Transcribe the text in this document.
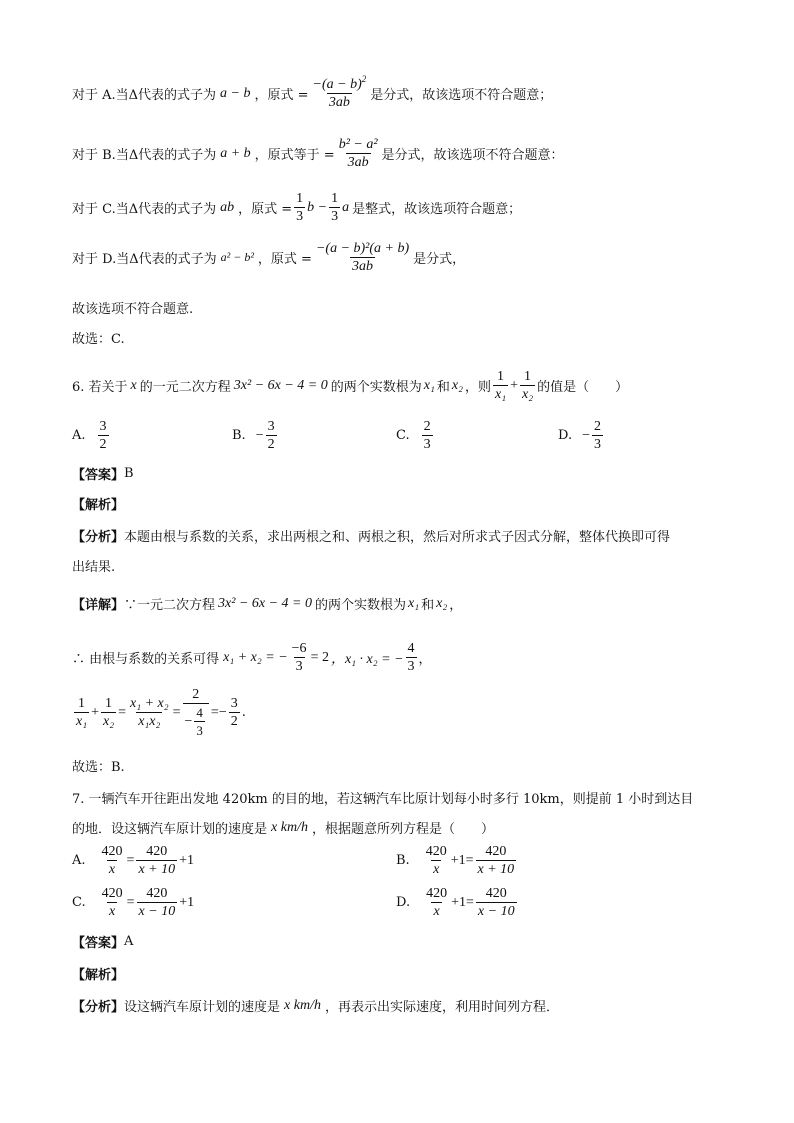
对于 A.当Δ代表的式子为 a − b ，原式 = $\frac{-(a - b)^2}{3ab}$ 是分式，故该选项不符合题意；
对于 B.当Δ代表的式子为 a + b ，原式等于 = $\frac{\text{b² − a²}}{3ab}$ 是分式，故该选项不符合题意：
对于 C.当Δ代表的式子为 ab ，原式 = $\frac{1}{3}$ $b - \frac{1}{3}$ a 是整式，故该选项符合题意；
对于 D.当Δ代表的式子为 a² − b² ，原式 = $\frac{\text{−(a − b)²(a + b)}}{3ab}$ 是分式，
故该选项不符合题意.
故选：C.
6. 若关于 x 的一元二次方程 3x² − 6x − 4 = 0 的两个实数根为 x₁ 和 x₂ ，则
1
x₁
+ $\frac{1}{\text{x₂}}$ 的值是（　　）
A. $\frac{3}{2}$	B. − $\frac{3}{2}$	C. $\frac{2}{3}$	D. − $\frac{2}{3}$
【答案】 B
【解析】
【分析】 本题由根与系数的关系，求出两根之和、两根之积，然后对所求式子因式分解，整体代换即可得
出结果.
【详解】 ∵一元二次方程 3x² − 6x − 4 = 0 的两个实数根为 x₁ 和 x₂ ，
∴ 由根与系数的关系可得 x₁ + x₂ = − $\frac{-6}{3} = 2$ ，x₁ · x₂ = − $\frac{4}{3}$ ，
1
x₁
+ $\frac{1}{\text{x₂}} = \frac{\text{x₁ + x₂}}{\text{x₁x₂}} = \frac{2}{- \frac{4}{3}}$ = − $\frac{3}{2}$ .
故选：B.
7. 一辆汽车开往距出发地 420km 的目的地，若这辆汽车比原计划每小时多行 10km，则提前 1 小时到达目
的地．设这辆汽车原计划的速度是 x km/h ，根据题意所列方程是（　　）
A. $\frac{420}{x} = \frac{420}{x + 10} +1$	B. $\frac{420}{x} +1 = \frac{420}{x + 10}$
C. $\frac{420}{x} = \frac{420}{x - 10} +1$	D. $\frac{420}{x} +1 = \frac{420}{x - 10}$
【答案】 A
【解析】
【分析】 设这辆汽车原计划的速度是 x km/h ，再表示出实际速度，利用时间列方程．
